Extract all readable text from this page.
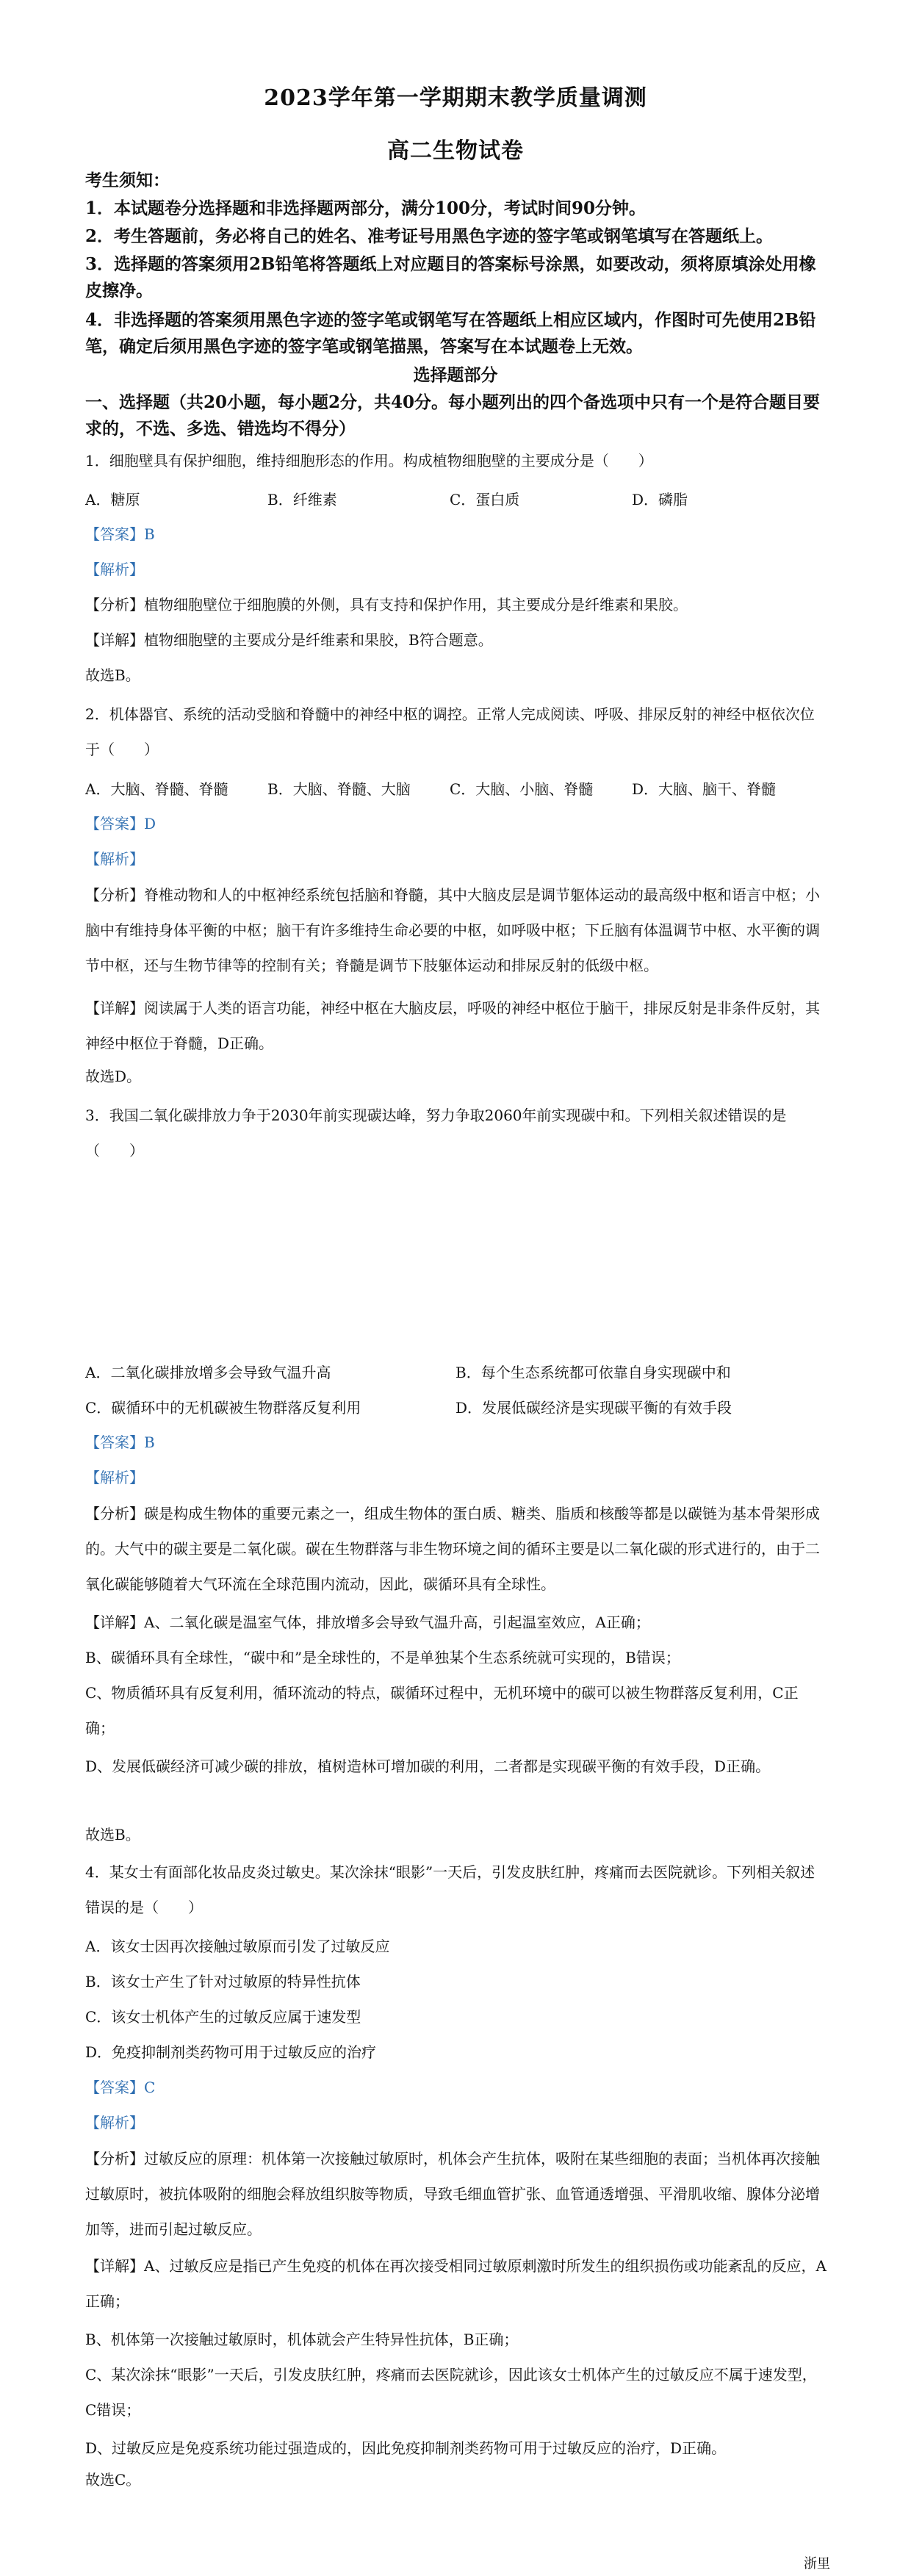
2023学年第一学期期末教学质量调测
高二生物试卷
考生须知：
1．本试题卷分选择题和非选择题两部分，满分100分，考试时间90分钟。
2．考生答题前，务必将自己的姓名、准考证号用黑色字迹的签字笔或钢笔填写在答题纸上。
3．选择题的答案须用2B铅笔将答题纸上对应题目的答案标号涂黑，如要改动，须将原填涂处用橡皮擦净。
4．非选择题的答案须用黑色字迹的签字笔或钢笔写在答题纸上相应区域内，作图时可先使用2B铅笔，确定后须用黑色字迹的签字笔或钢笔描黑，答案写在本试题卷上无效。
选择题部分
一、选择题（共20小题，每小题2分，共40分。每小题列出的四个备选项中只有一个是符合题目要求的，不选、多选、错选均不得分）
1．细胞壁具有保护细胞，维持细胞形态的作用。构成植物细胞壁的主要成分是（　　）
A．糖原	B．纤维素	C．蛋白质	D．磷脂
【答案】B
【解析】
【分析】植物细胞壁位于细胞膜的外侧，具有支持和保护作用，其主要成分是纤维素和果胶。
【详解】植物细胞壁的主要成分是纤维素和果胶，B符合题意。
故选B。
2．机体器官、系统的活动受脑和脊髓中的神经中枢的调控。正常人完成阅读、呼吸、排尿反射的神经中枢依次位于（　　）
A．大脑、脊髓、脊髓	B．大脑、脊髓、大脑	C．大脑、小脑、脊髓	D．大脑、脑干、脊髓
【答案】D
【解析】
【分析】脊椎动物和人的中枢神经系统包括脑和脊髓，其中大脑皮层是调节躯体运动的最高级中枢和语言中枢；小脑中有维持身体平衡的中枢；脑干有许多维持生命必要的中枢，如呼吸中枢；下丘脑有体温调节中枢、水平衡的调节中枢，还与生物节律等的控制有关；脊髓是调节下肢躯体运动和排尿反射的低级中枢。
【详解】阅读属于人类的语言功能，神经中枢在大脑皮层，呼吸的神经中枢位于脑干，排尿反射是非条件反射，其神经中枢位于脊髓，D正确。
故选D。
3．我国二氧化碳排放力争于2030年前实现碳达峰，努力争取2060年前实现碳中和。下列相关叙述错误的是（　　）
A．二氧化碳排放增多会导致气温升高	B．每个生态系统都可依靠自身实现碳中和
C．碳循环中的无机碳被生物群落反复利用	D．发展低碳经济是实现碳平衡的有效手段
【答案】B
【解析】
【分析】碳是构成生物体的重要元素之一，组成生物体的蛋白质、糖类、脂质和核酸等都是以碳链为基本骨架形成的。大气中的碳主要是二氧化碳。碳在生物群落与非生物环境之间的循环主要是以二氧化碳的形式进行的，由于二氧化碳能够随着大气环流在全球范围内流动，因此，碳循环具有全球性。
【详解】A、二氧化碳是温室气体，排放增多会导致气温升高，引起温室效应，A正确；
B、碳循环具有全球性，“碳中和”是全球性的，不是单独某个生态系统就可实现的，B错误；
C、物质循环具有反复利用，循环流动的特点，碳循环过程中，无机环境中的碳可以被生物群落反复利用，C正确；
D、发展低碳经济可减少碳的排放，植树造林可增加碳的利用，二者都是实现碳平衡的有效手段，D正确。
故选B。
4．某女士有面部化妆品皮炎过敏史。某次涂抹“眼影”一天后，引发皮肤红肿，疼痛而去医院就诊。下列相关叙述错误的是（　　）
A．该女士因再次接触过敏原而引发了过敏反应
B．该女士产生了针对过敏原的特异性抗体
C．该女士机体产生的过敏反应属于速发型
D．免疫抑制剂类药物可用于过敏反应的治疗
【答案】C
【解析】
【分析】过敏反应的原理：机体第一次接触过敏原时，机体会产生抗体，吸附在某些细胞的表面；当机体再次接触过敏原时，被抗体吸附的细胞会释放组织胺等物质，导致毛细血管扩张、血管通透增强、平滑肌收缩、腺体分泌增加等，进而引起过敏反应。
【详解】A、过敏反应是指已产生免疫的机体在再次接受相同过敏原刺激时所发生的组织损伤或功能紊乱的反应，A正确；
B、机体第一次接触过敏原时，机体就会产生特异性抗体，B正确；
C、某次涂抹“眼影”一天后，引发皮肤红肿，疼痛而去医院就诊，因此该女士机体产生的过敏反应不属于速发型，C错误；
D、过敏反应是免疫系统功能过强造成的，因此免疫抑制剂类药物可用于过敏反应的治疗，D正确。
故选C。
浙里
